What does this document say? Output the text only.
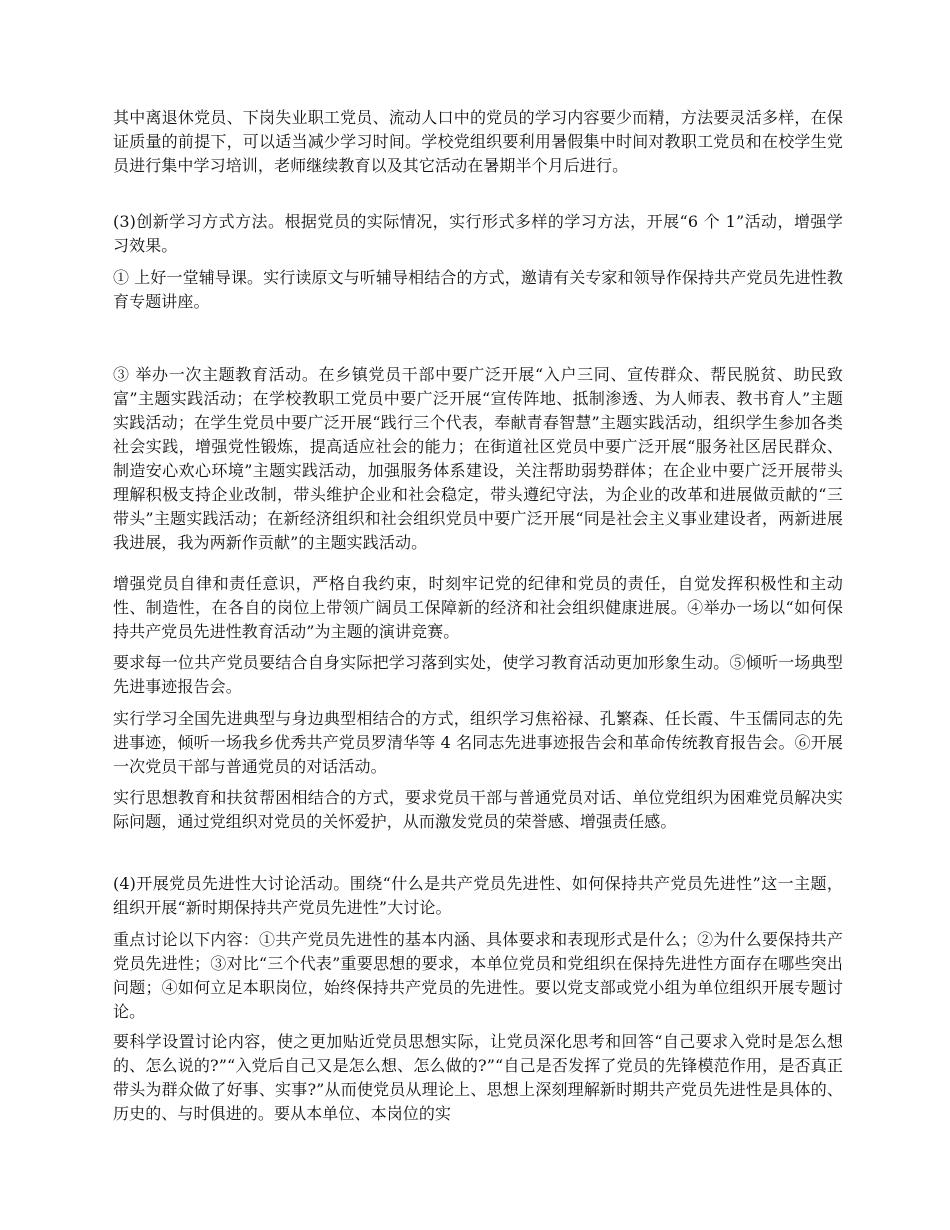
其中离退休党员、下岗失业职工党员、流动人口中的党员的学习内容要少而精，方法要灵活多样，在保证质量的前提下，可以适当减少学习时间。学校党组织要利用暑假集中时间对教职工党员和在校学生党员进行集中学习培训，老师继续教育以及其它活动在暑期半个月后进行。

(3)创新学习方式方法。根据党员的实际情况，实行形式多样的学习方法，开展“6 个 1”活动，增强学习效果。

① 上好一堂辅导课。实行读原文与听辅导相结合的方式，邀请有关专家和领导作保持共产党员先进性教育专题讲座。

③ 举办一次主题教育活动。在乡镇党员干部中要广泛开展“入户三同、宣传群众、帮民脱贫、助民致富”主题实践活动；在学校教职工党员中要广泛开展“宣传阵地、抵制渗透、为人师表、教书育人”主题实践活动；在学生党员中要广泛开展“践行三个代表，奉献青春智慧”主题实践活动，组织学生参加各类社会实践，增强党性锻炼，提高适应社会的能力；在街道社区党员中要广泛开展“服务社区居民群众、制造安心欢心环境”主题实践活动，加强服务体系建设，关注帮助弱势群体；在企业中要广泛开展带头理解积极支持企业改制，带头维护企业和社会稳定，带头遵纪守法，为企业的改革和进展做贡献的“三带头”主题实践活动；在新经济组织和社会组织党员中要广泛开展“同是社会主义事业建设者，两新进展我进展，我为两新作贡献”的主题实践活动。

增强党员自律和责任意识，严格自我约束，时刻牢记党的纪律和党员的责任，自觉发挥积极性和主动性、制造性，在各自的岗位上带领广阔员工保障新的经济和社会组织健康进展。④举办一场以“如何保持共产党员先进性教育活动”为主题的演讲竞赛。

要求每一位共产党员要结合自身实际把学习落到实处，使学习教育活动更加形象生动。⑤倾听一场典型先进事迹报告会。

实行学习全国先进典型与身边典型相结合的方式，组织学习焦裕禄、孔繁森、任长霞、牛玉儒同志的先进事迹，倾听一场我乡优秀共产党员罗清华等 4 名同志先进事迹报告会和革命传统教育报告会。⑥开展一次党员干部与普通党员的对话活动。

实行思想教育和扶贫帮困相结合的方式，要求党员干部与普通党员对话、单位党组织为困难党员解决实际问题，通过党组织对党员的关怀爱护，从而激发党员的荣誉感、增强责任感。

(4)开展党员先进性大讨论活动。围绕“什么是共产党员先进性、如何保持共产党员先进性”这一主题，组织开展“新时期保持共产党员先进性”大讨论。

重点讨论以下内容：①共产党员先进性的基本内涵、具体要求和表现形式是什么；②为什么要保持共产党员先进性；③对比“三个代表”重要思想的要求，本单位党员和党组织在保持先进性方面存在哪些突出问题；④如何立足本职岗位，始终保持共产党员的先进性。要以党支部或党小组为单位组织开展专题讨论。

要科学设置讨论内容，使之更加贴近党员思想实际，让党员深化思考和回答“自己要求入党时是怎么想的、怎么说的?”“入党后自己又是怎么想、怎么做的?”“自己是否发挥了党员的先锋模范作用，是否真正带头为群众做了好事、实事?”从而使党员从理论上、思想上深刻理解新时期共产党员先进性是具体的、历史的、与时俱进的。要从本单位、本岗位的实
